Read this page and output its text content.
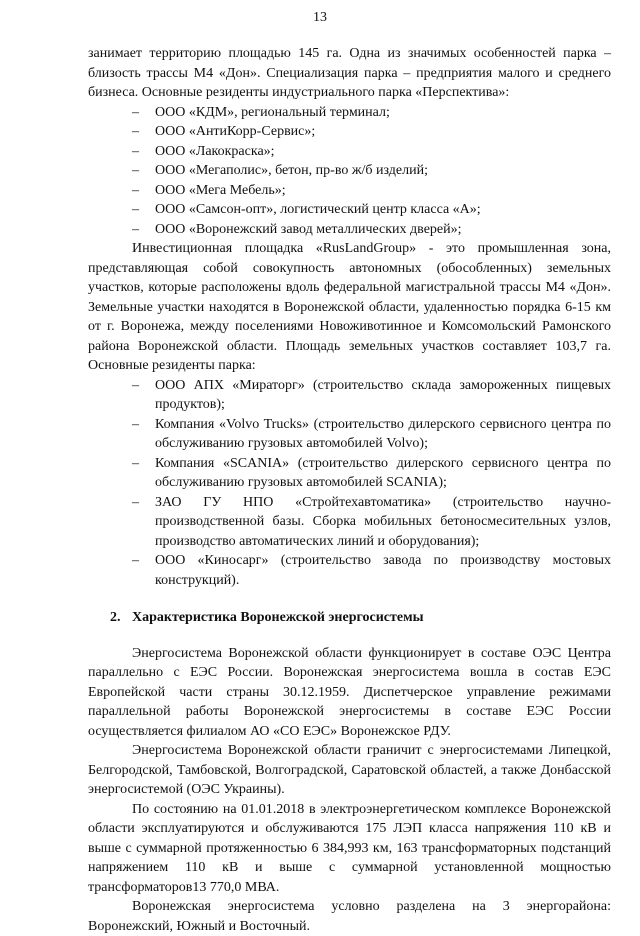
13

занимает территорию площадью 145 га. Одна из значимых особенностей парка – близость трассы М4 «Дон». Специализация парка – предприятия малого и среднего бизнеса. Основные резиденты индустриального парка «Перспектива»:

– ООО «КДМ», региональный терминал;
– ООО «АнтиКорр-Сервис»;
– ООО «Лакокраска»;
– ООО «Мегаполис», бетон, пр-во ж/б изделий;
– ООО «Мега Мебель»;
– ООО «Самсон-опт», логистический центр класса «А»;
– ООО «Воронежский завод металлических дверей»;

Инвестиционная площадка «RusLandGroup» - это промышленная зона, представляющая собой совокупность автономных (обособленных) земельных участков, которые расположены вдоль федеральной магистральной трассы М4 «Дон». Земельные участки находятся в Воронежской области, удаленностью порядка 6-15 км от г. Воронежа, между поселениями Новоживотинное и Комсомольский Рамонского района Воронежской области. Площадь земельных участков составляет 103,7 га. Основные резиденты парка:

– ООО АПХ «Мираторг» (строительство склада замороженных пищевых продуктов);
– Компания «Volvo Trucks» (строительство дилерского сервисного центра по обслуживанию грузовых автомобилей Volvo);
– Компания «SCANIA» (строительство дилерского сервисного центра по обслуживанию грузовых автомобилей SCANIA);
– ЗАО ГУ НПО «Стройтехавтоматика» (строительство научно-производственной базы. Сборка мобильных бетоносмесительных узлов, производство автоматических линий и оборудования);
– ООО «Киносарг» (строительство завода по производству мостовых конструкций).
2. Характеристика Воронежской энергосистемы

Энергосистема Воронежской области функционирует в составе ОЭС Центра параллельно с ЕЭС России. Воронежская энергосистема вошла в состав ЕЭС Европейской части страны 30.12.1959. Диспетчерское управление режимами параллельной работы Воронежской энергосистемы в составе ЕЭС России осуществляется филиалом АО «СО ЕЭС» Воронежское РДУ.

Энергосистема Воронежской области граничит с энергосистемами Липецкой, Белгородской, Тамбовской, Волгоградской, Саратовской областей, а также Донбасской энергосистемой (ОЭС Украины).

По состоянию на 01.01.2018 в электроэнергетическом комплексе Воронежской области эксплуатируются и обслуживаются 175 ЛЭП класса напряжения 110 кВ и выше с суммарной протяженностью 6 384,993 км, 163 трансформаторных подстанций напряжением 110 кВ и выше с суммарной установленной мощностью трансформаторов13 770,0 МВА.

Воронежская энергосистема условно разделена на 3 энергорайона: Воронежский, Южный и Восточный.
